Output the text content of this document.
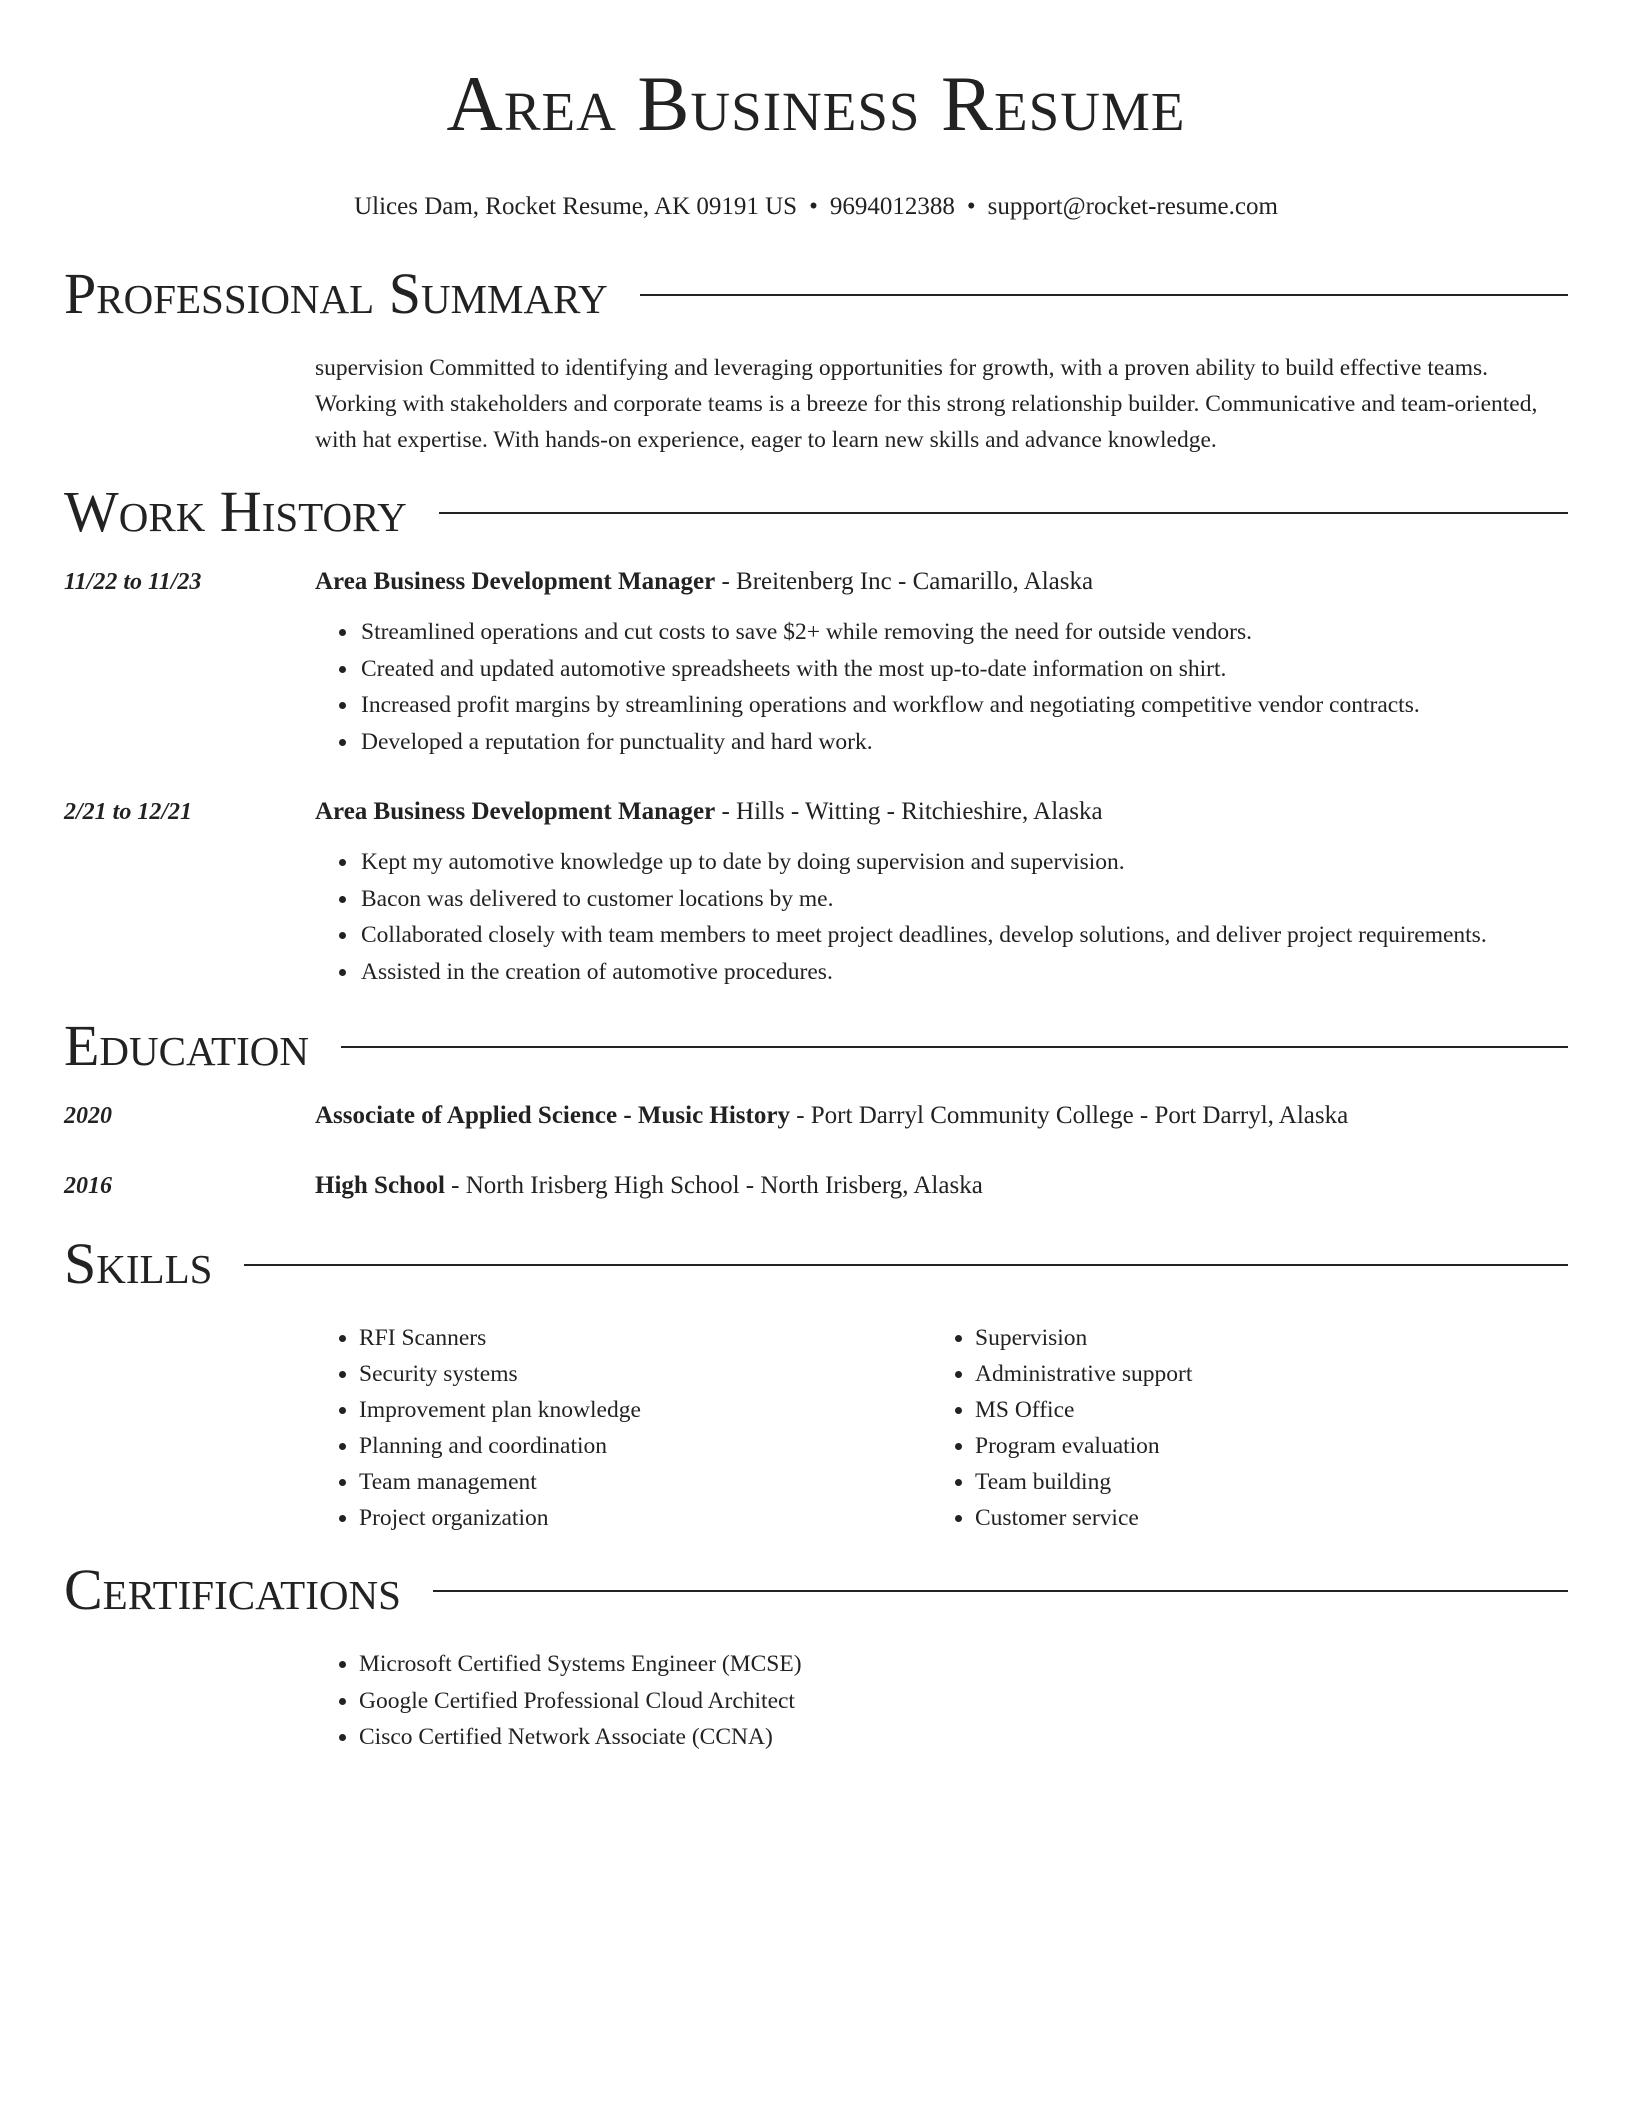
Area Business Resume
Ulices Dam, Rocket Resume, AK 09191 US • 9694012388 • support@rocket-resume.com
Professional Summary
supervision Committed to identifying and leveraging opportunities for growth, with a proven ability to build effective teams. Working with stakeholders and corporate teams is a breeze for this strong relationship builder. Communicative and team-oriented, with hat expertise. With hands-on experience, eager to learn new skills and advance knowledge.
Work History
11/22 to 11/23	Area Business Development Manager - Breitenberg Inc - Camarillo, Alaska
• Streamlined operations and cut costs to save $2+ while removing the need for outside vendors.
• Created and updated automotive spreadsheets with the most up-to-date information on shirt.
• Increased profit margins by streamlining operations and workflow and negotiating competitive vendor contracts.
• Developed a reputation for punctuality and hard work.
2/21 to 12/21	Area Business Development Manager - Hills - Witting - Ritchieshire, Alaska
• Kept my automotive knowledge up to date by doing supervision and supervision.
• Bacon was delivered to customer locations by me.
• Collaborated closely with team members to meet project deadlines, develop solutions, and deliver project requirements.
• Assisted in the creation of automotive procedures.
Education
2020	Associate of Applied Science - Music History - Port Darryl Community College - Port Darryl, Alaska
2016	High School - North Irisberg High School - North Irisberg, Alaska
Skills
• RFI Scanners
• Security systems
• Improvement plan knowledge
• Planning and coordination
• Team management
• Project organization
• Supervision
• Administrative support
• MS Office
• Program evaluation
• Team building
• Customer service
Certifications
• Microsoft Certified Systems Engineer (MCSE)
• Google Certified Professional Cloud Architect
• Cisco Certified Network Associate (CCNA)
